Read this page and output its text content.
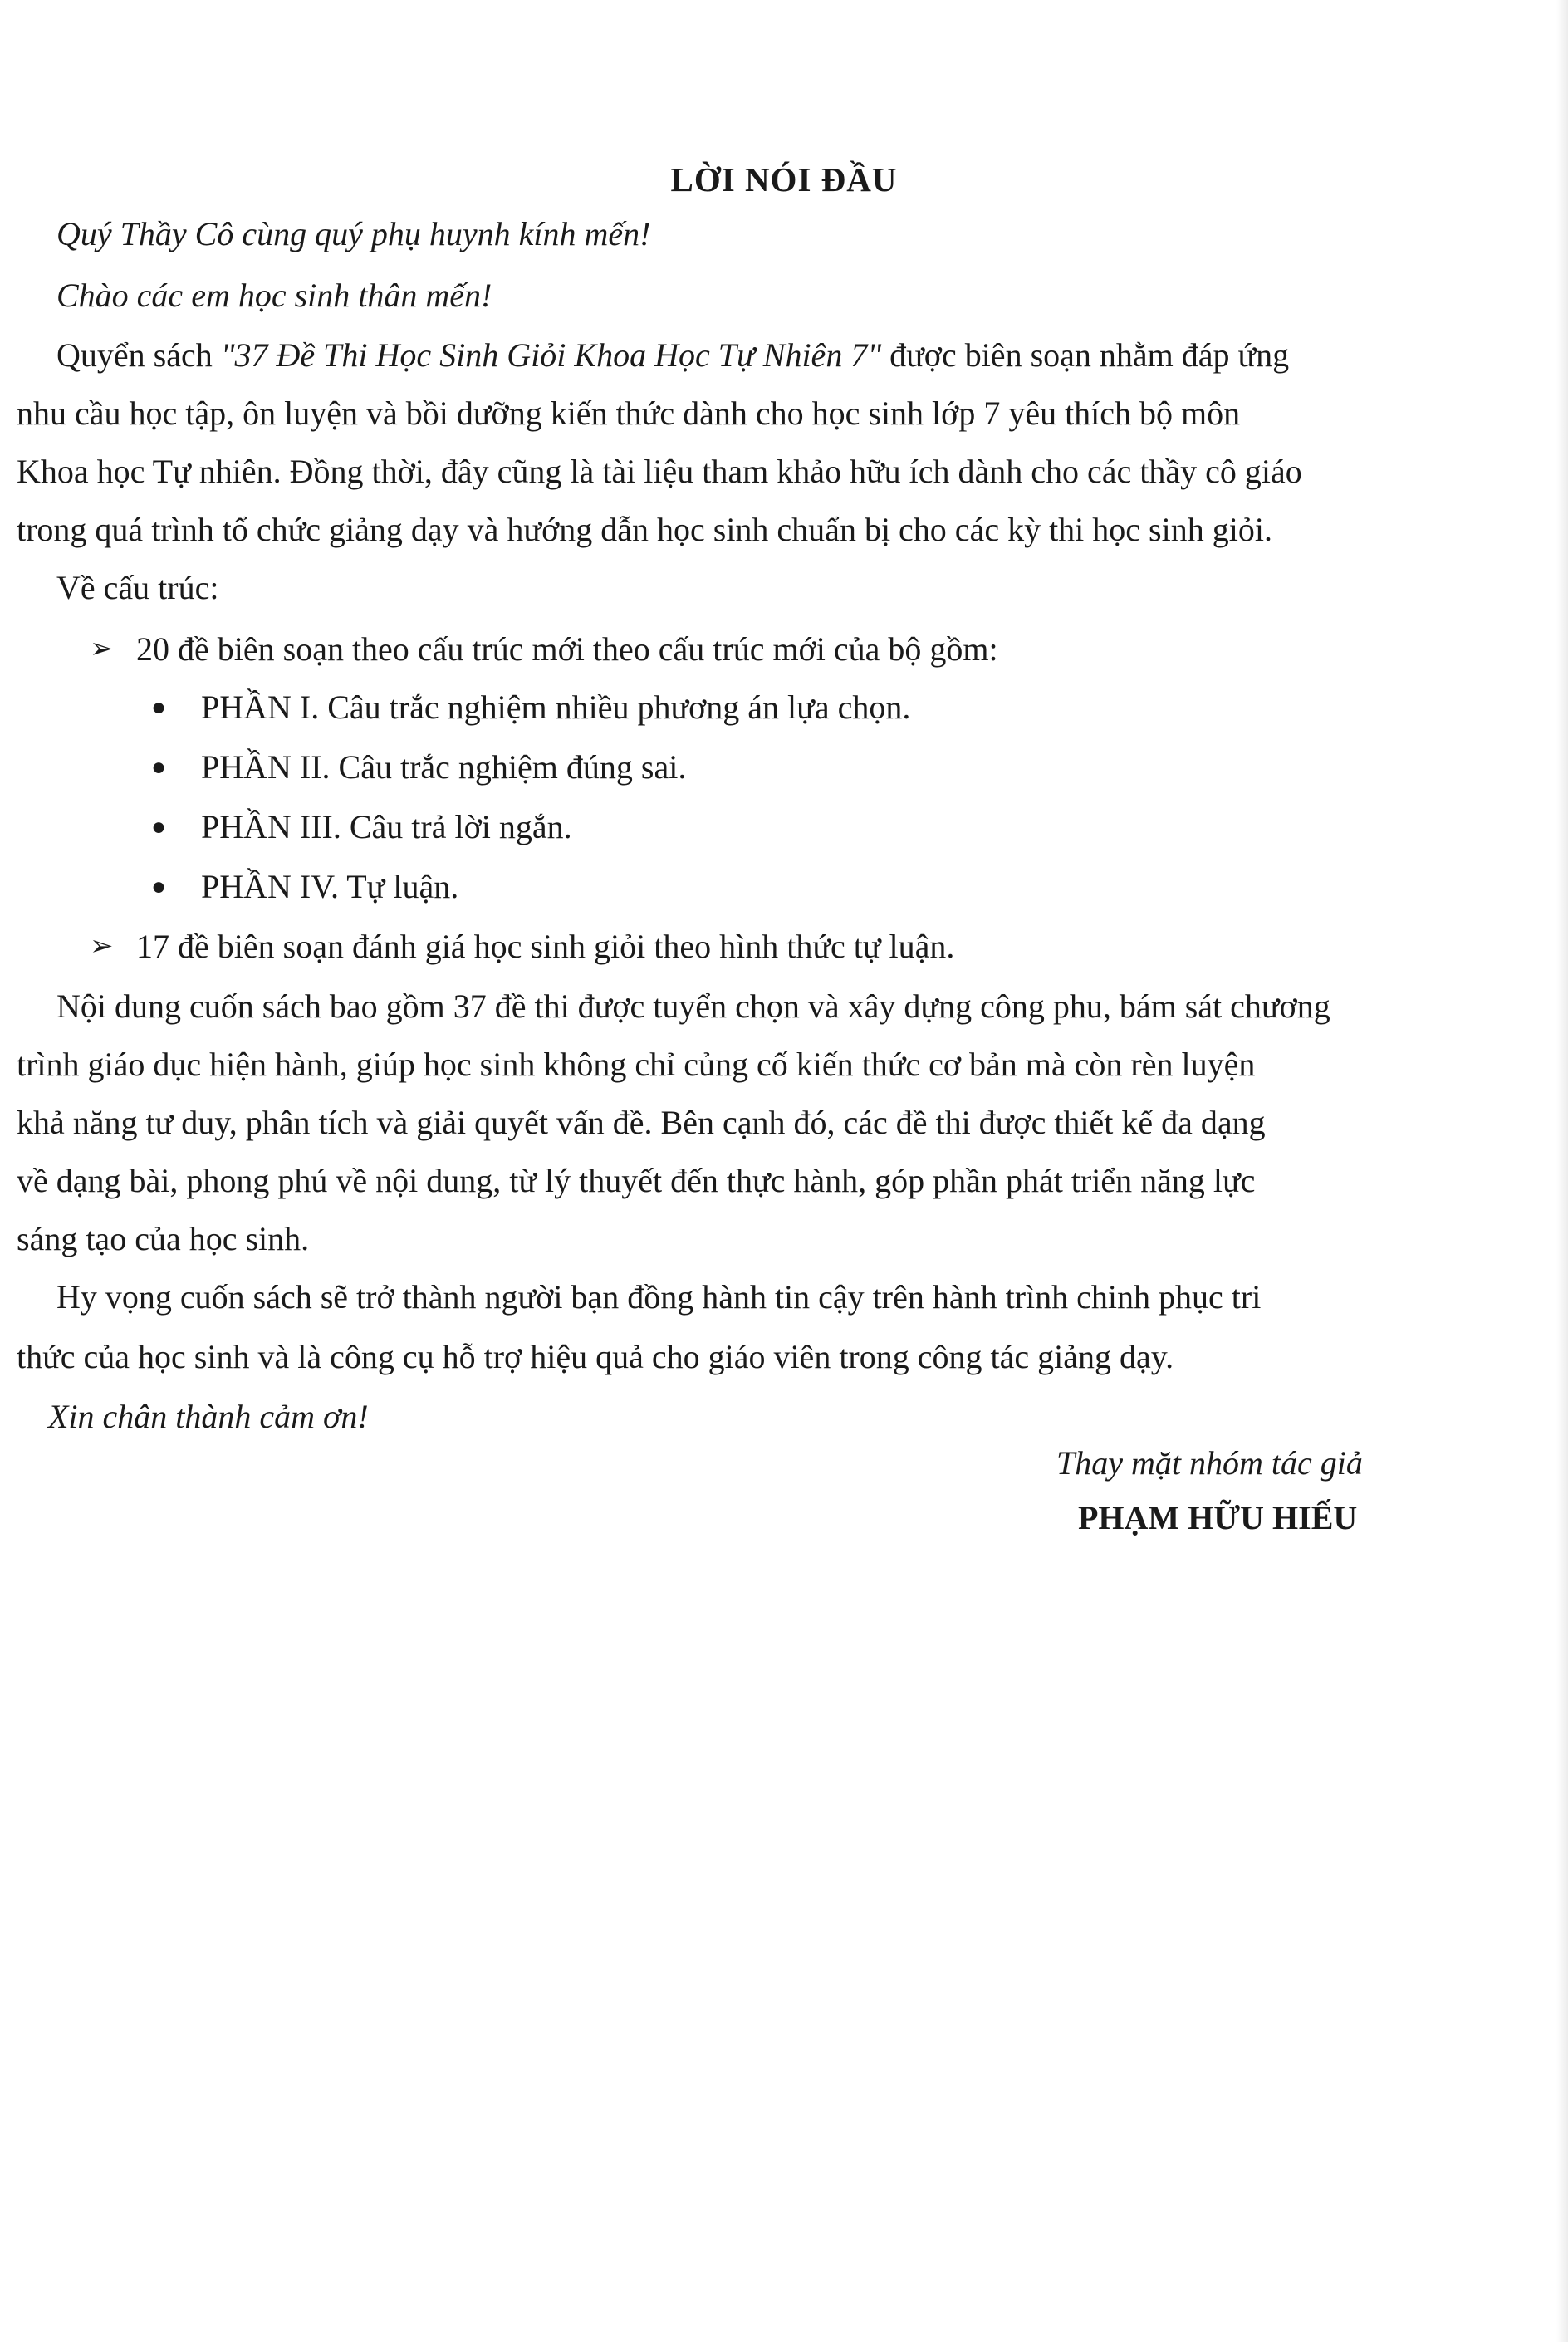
LỜI NÓI ĐẦU
Quý Thầy Cô cùng quý phụ huynh kính mến!
Chào các em học sinh thân mến!
Quyển sách "37 Đề Thi Học Sinh Giỏi Khoa Học Tự Nhiên 7" được biên soạn nhằm đáp ứng
nhu cầu học tập, ôn luyện và bồi dưỡng kiến thức dành cho học sinh lớp 7 yêu thích bộ môn
Khoa học Tự nhiên. Đồng thời, đây cũng là tài liệu tham khảo hữu ích dành cho các thầy cô giáo
trong quá trình tổ chức giảng dạy và hướng dẫn học sinh chuẩn bị cho các kỳ thi học sinh giỏi.
Về cấu trúc:
➢ 20 đề biên soạn theo cấu trúc mới theo cấu trúc mới của bộ gồm:
● PHẦN I. Câu trắc nghiệm nhiều phương án lựa chọn.
● PHẦN II. Câu trắc nghiệm đúng sai.
● PHẦN III. Câu trả lời ngắn.
● PHẦN IV. Tự luận.
➢ 17 đề biên soạn đánh giá học sinh giỏi theo hình thức tự luận.
Nội dung cuốn sách bao gồm 37 đề thi được tuyển chọn và xây dựng công phu, bám sát chương
trình giáo dục hiện hành, giúp học sinh không chỉ củng cố kiến thức cơ bản mà còn rèn luyện
khả năng tư duy, phân tích và giải quyết vấn đề. Bên cạnh đó, các đề thi được thiết kế đa dạng
về dạng bài, phong phú về nội dung, từ lý thuyết đến thực hành, góp phần phát triển năng lực
sáng tạo của học sinh.
Hy vọng cuốn sách sẽ trở thành người bạn đồng hành tin cậy trên hành trình chinh phục tri
thức của học sinh và là công cụ hỗ trợ hiệu quả cho giáo viên trong công tác giảng dạy.
Xin chân thành cảm ơn!
Thay mặt nhóm tác giả
PHẠM HỮU HIẾU
